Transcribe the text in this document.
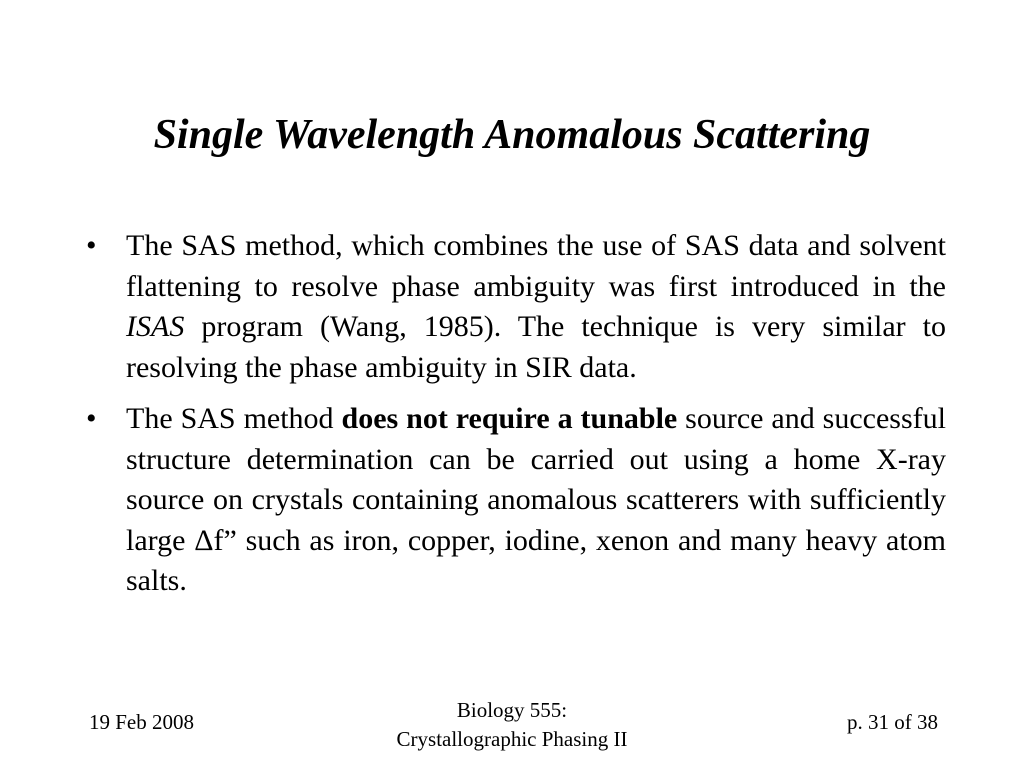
Single Wavelength Anomalous Scattering
• The SAS method, which combines the use of SAS data and solvent flattening to resolve phase ambiguity was first introduced in the ISAS program (Wang, 1985). The technique is very similar to resolving the phase ambiguity in SIR data.
• The SAS method does not require a tunable source and successful structure determination can be carried out using a home X-ray source on crystals containing anomalous scatterers with sufficiently large Δf” such as iron, copper, iodine, xenon and many heavy atom salts.
19 Feb 2008	Biology 555:
Crystallographic Phasing II
p. 31 of 38
